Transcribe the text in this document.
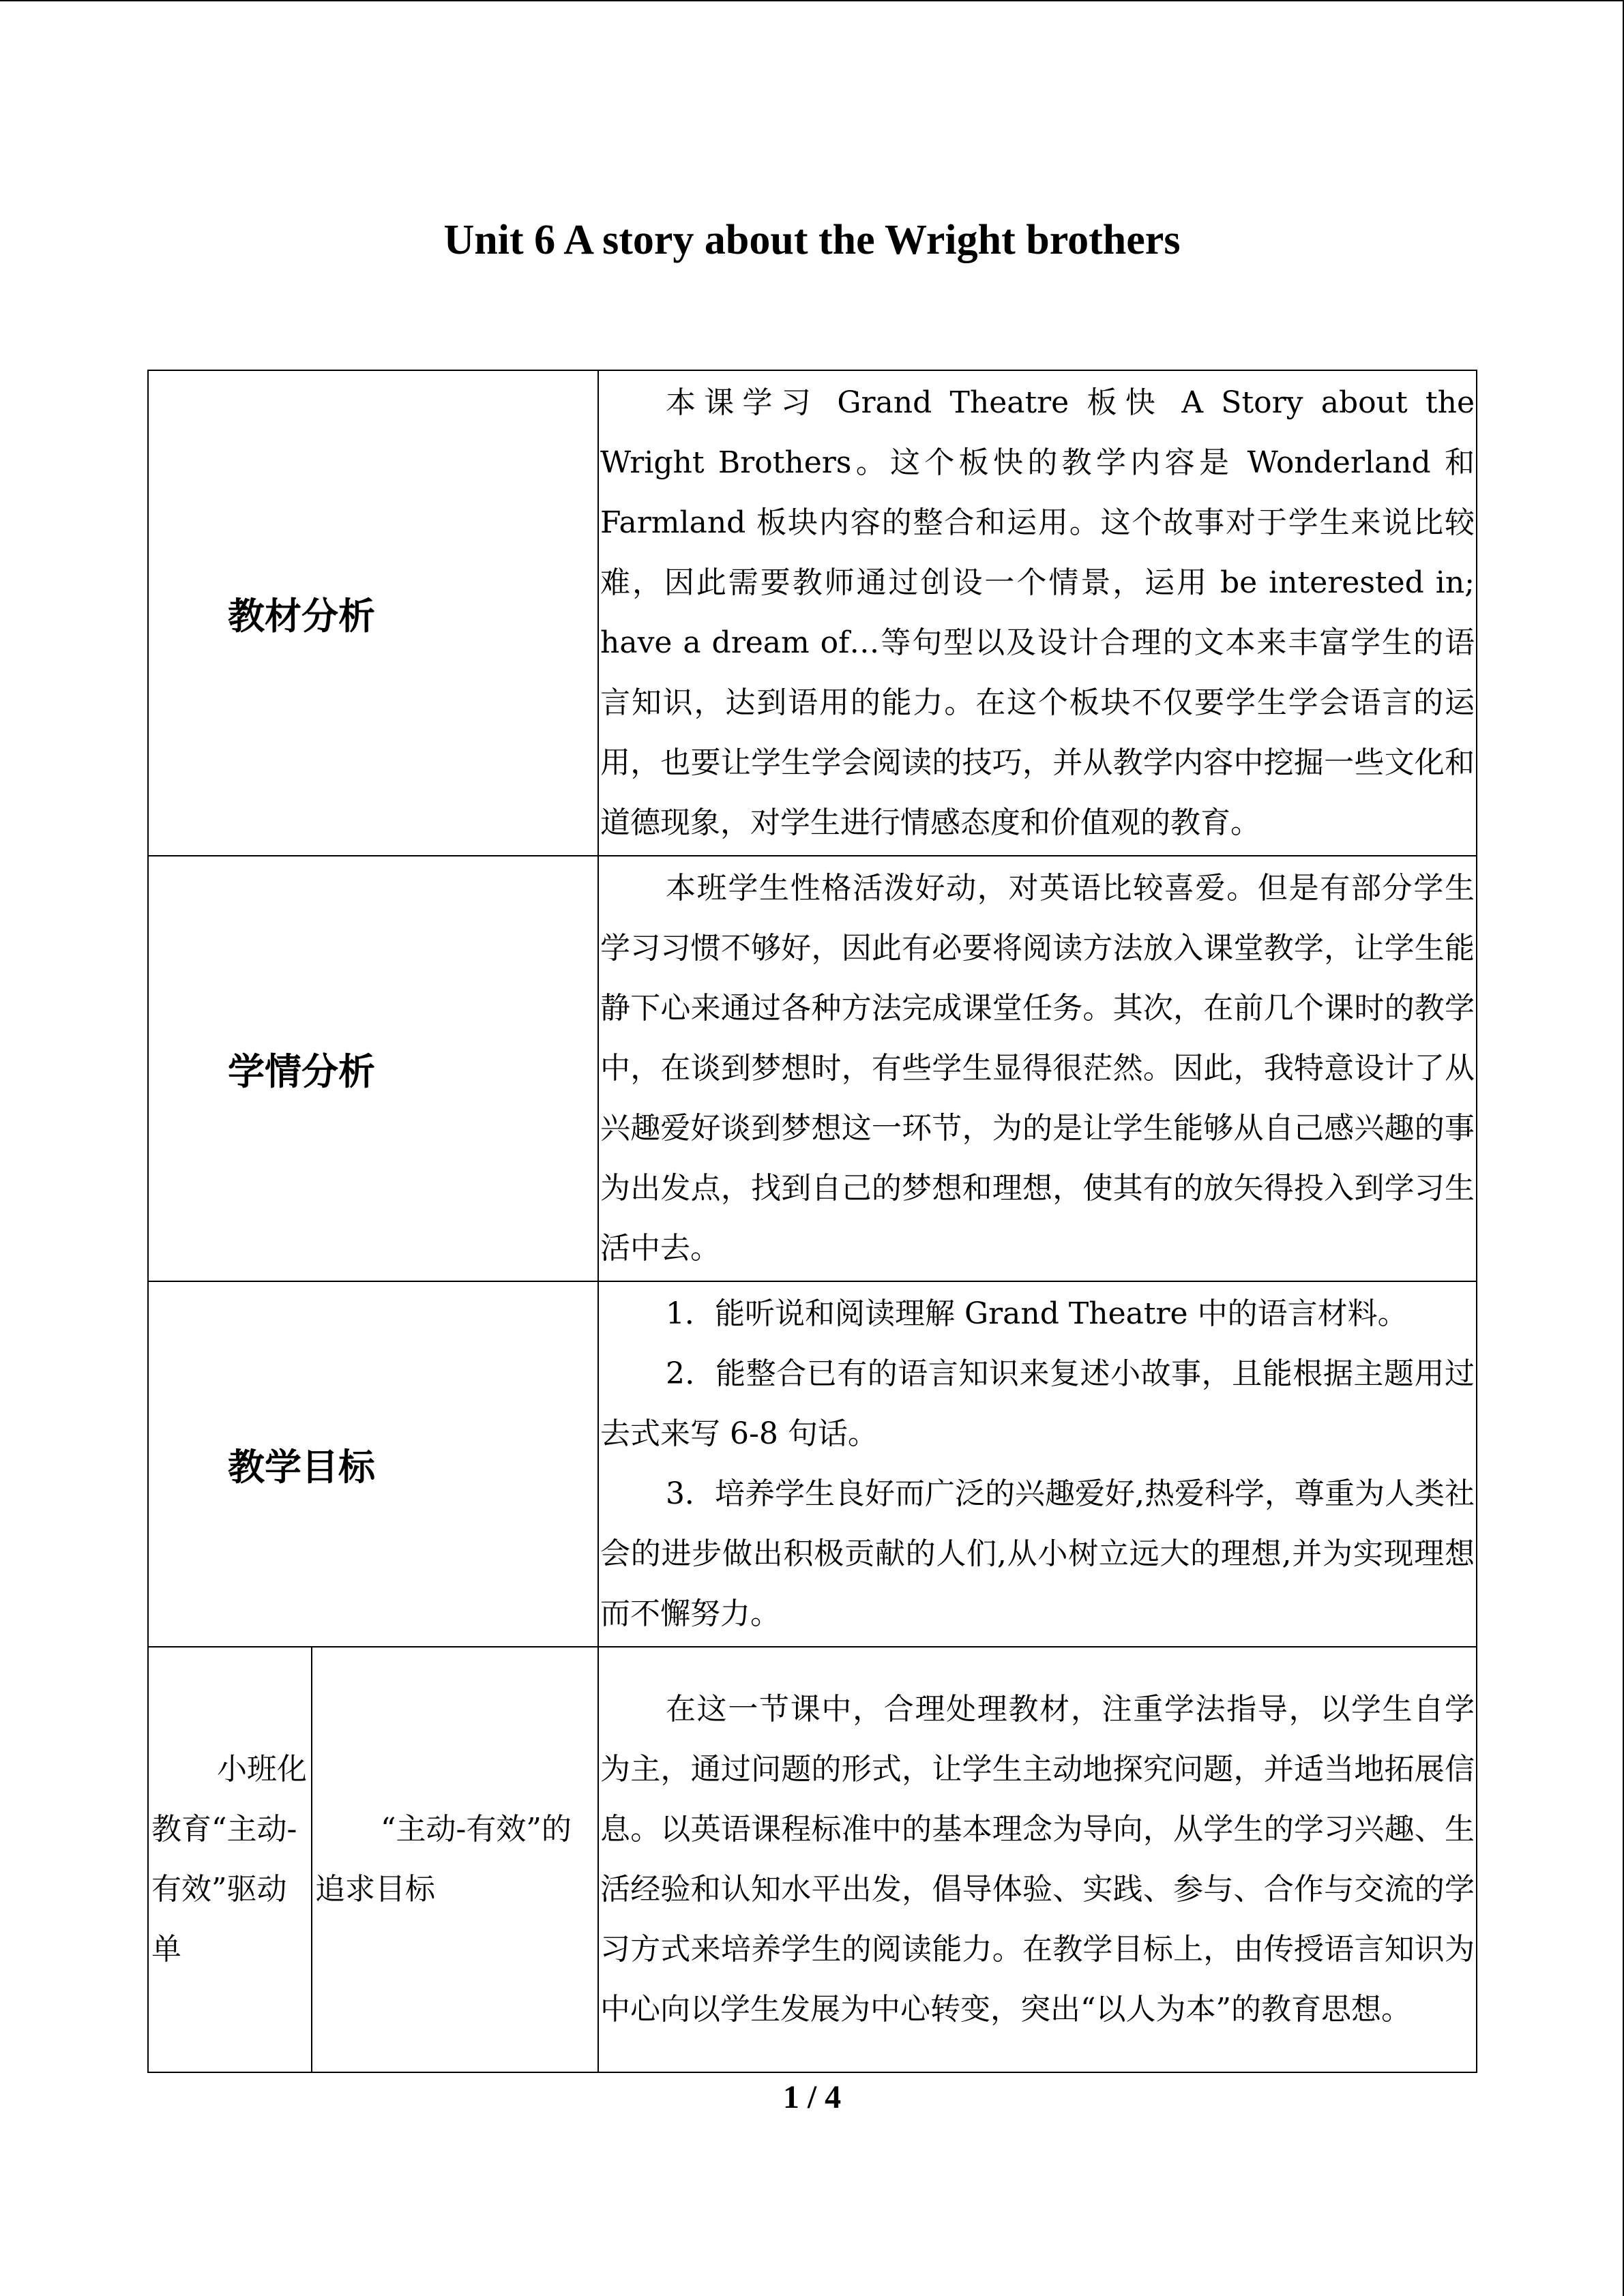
Unit 6 A story about the Wright brothers
教材分析		本课学习 Grand Theatre 板快 A Story about the Wright Brothers。这个板快的教学内容是 Wonderland 和 Farmland 板块内容的整合和运用。这个故事对于学生来说比较难，因此需要教师通过创设一个情景，运用 be interested in; have a dream of…等句型以及设计合理的文本来丰富学生的语言知识，达到语用的能力。在这个板块不仅要学生学会语言的运用，也要让学生学会阅读的技巧，并从教学内容中挖掘一些文化和道德现象，对学生进行情感态度和价值观的教育。

学情分析		本班学生性格活泼好动，对英语比较喜爱。但是有部分学生学习习惯不够好，因此有必要将阅读方法放入课堂教学，让学生能静下心来通过各种方法完成课堂任务。其次，在前几个课时的教学中，在谈到梦想时，有些学生显得很茫然。因此，我特意设计了从兴趣爱好谈到梦想这一环节，为的是让学生能够从自己感兴趣的事为出发点，找到自己的梦想和理想，使其有的放矢得投入到学习生活中去。

教学目标		1．能听说和阅读理解 Grand Theatre 中的语言材料。

2．能整合已有的语言知识来复述小故事，且能根据主题用过去式来写 6-8 句话。

3．培养学生良好而广泛的兴趣爱好,热爱科学，尊重为人类社会的进步做出积极贡献的人们,从小树立远大的理想,并为实现理想而不懈努力。

小班化教育“主动-有效”驱动单	“主动-有效”的追求目标	在这一节课中，合理处理教材，注重学法指导，以学生自学为主，通过问题的形式，让学生主动地探究问题，并适当地拓展信息。以英语课程标准中的基本理念为导向，从学生的学习兴趣、生活经验和认知水平出发，倡导体验、实践、参与、合作与交流的学习方式来培养学生的阅读能力。在教学目标上，由传授语言知识为中心向以学生发展为中心转变，突出“以人为本”的教育思想。

1 / 4
